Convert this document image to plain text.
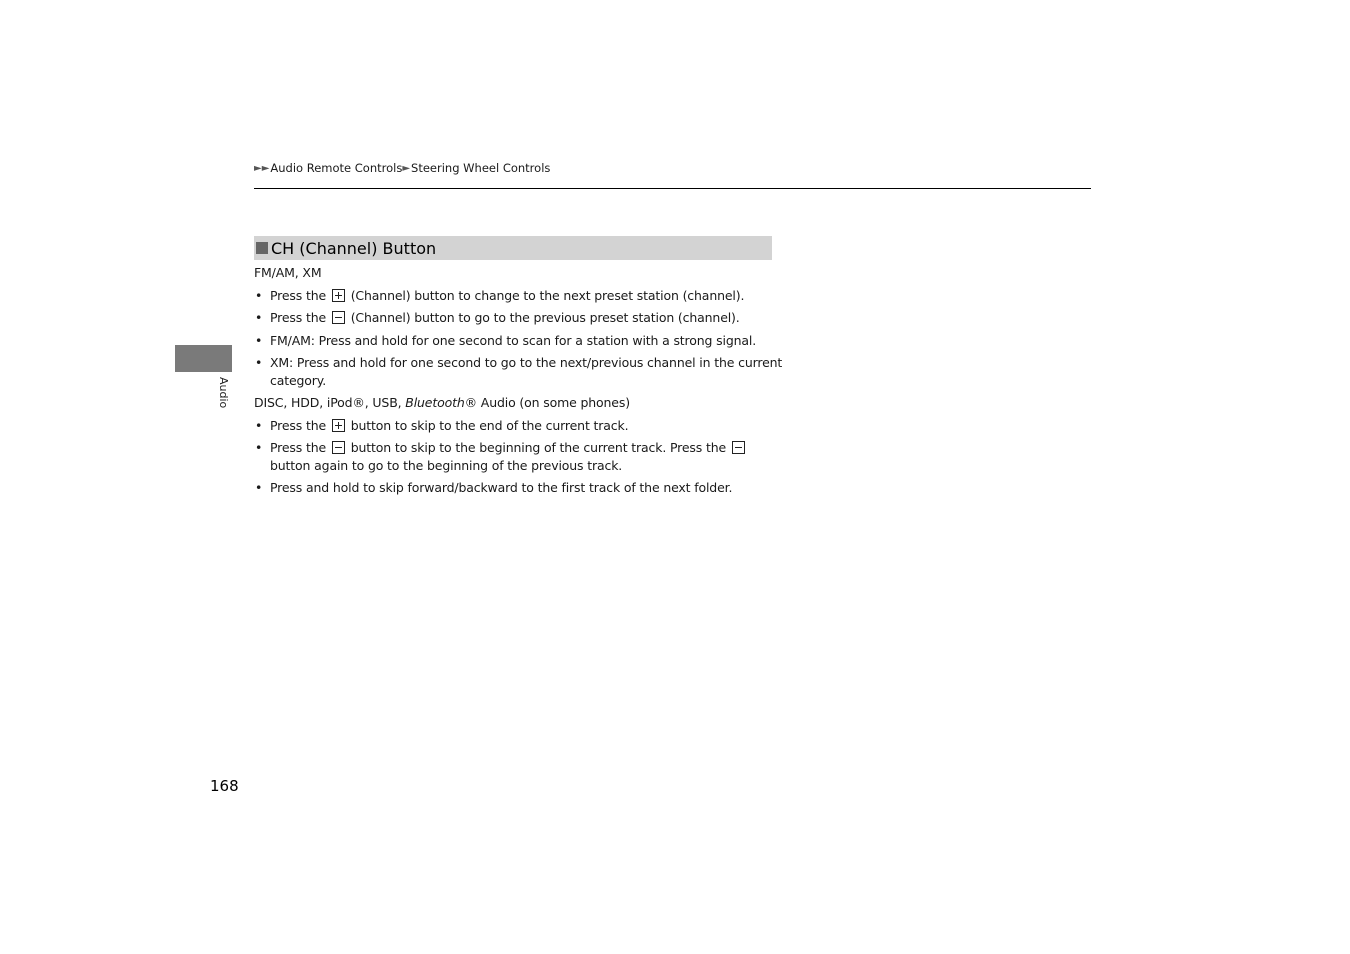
►► Audio Remote Controls ► Steering Wheel Controls
Audio
CH (Channel) Button
FM/AM, XM
• Press the (Channel) button to change to the next preset station (channel).
• Press the (Channel) button to go to the previous preset station (channel).
• FM/AM: Press and hold for one second to scan for a station with a strong signal.
• XM: Press and hold for one second to go to the next/previous channel in the current category.
DISC, HDD, iPod®, USB, Bluetooth® Audio (on some phones)
• Press the button to skip to the end of the current track.
• Press the button to skip to the beginning of the current track. Press the  button again to go to the beginning of the previous track.
• Press and hold to skip forward/backward to the first track of the next folder.
168
